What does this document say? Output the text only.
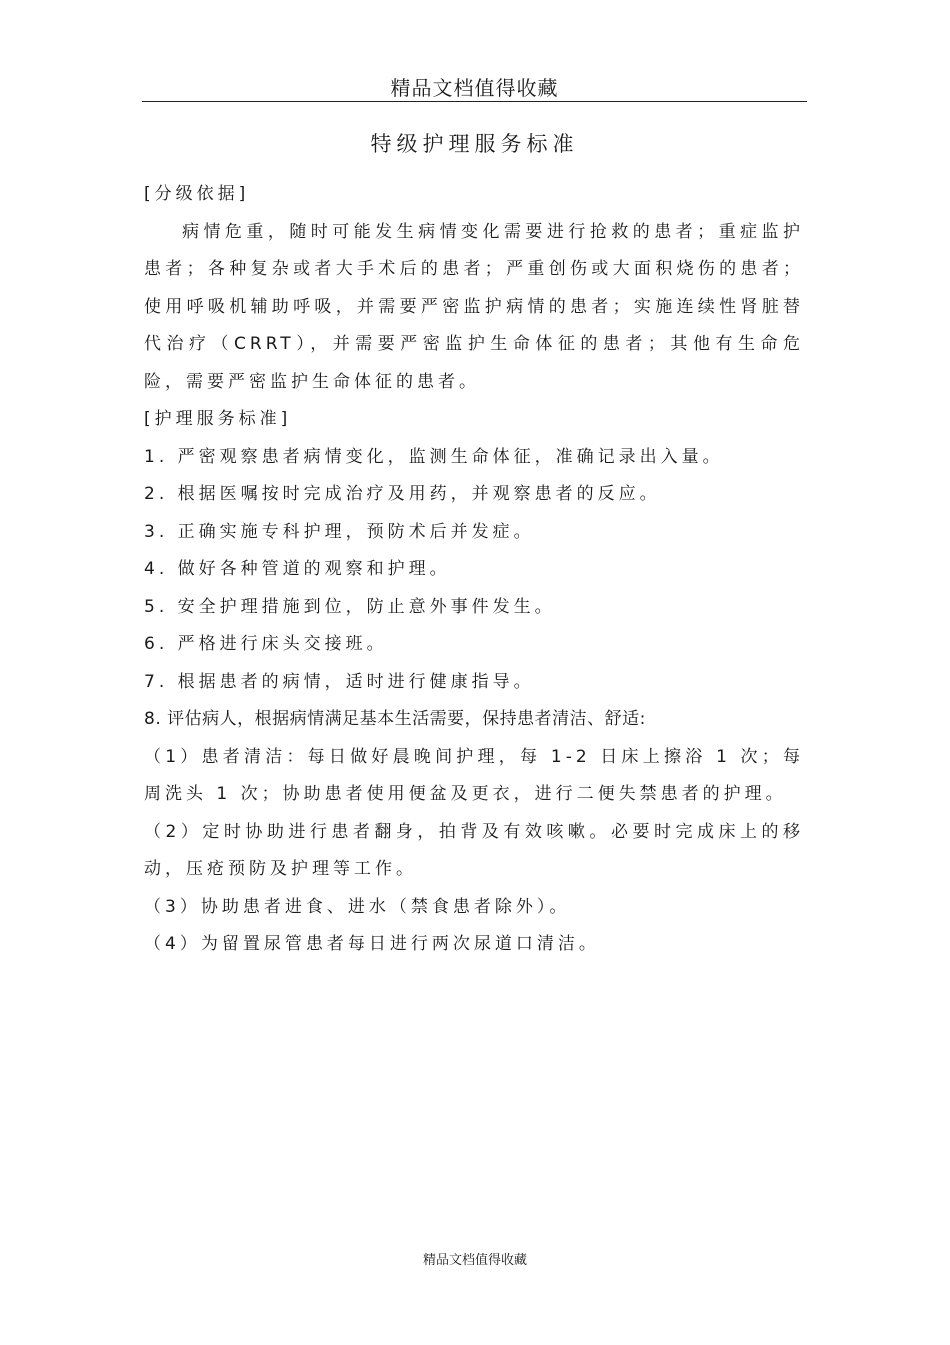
精品文档值得收藏
特级护理服务标准

[分级依据]

病情危重，随时可能发生病情变化需要进行抢救的患者；重症监护患者；各种复杂或者大手术后的患者；严重创伤或大面积烧伤的患者；使用呼吸机辅助呼吸，并需要严密监护病情的患者；实施连续性肾脏替代治疗（CRRT），并需要严密监护生命体征的患者；其他有生命危险，需要严密监护生命体征的患者。

[护理服务标准]

1. 严密观察患者病情变化，监测生命体征，准确记录出入量。

2. 根据医嘱按时完成治疗及用药，并观察患者的反应。

3. 正确实施专科护理，预防术后并发症。

4. 做好各种管道的观察和护理。

5. 安全护理措施到位，防止意外事件发生。

6. 严格进行床头交接班。

7. 根据患者的病情，适时进行健康指导。

8. 评估病人，根据病情满足基本生活需要，保持患者清洁、舒适:

（1）患者清洁：每日做好晨晚间护理，每 1-2 日床上擦浴 1 次；每周洗头 1 次；协助患者使用便盆及更衣，进行二便失禁患者的护理。

（2）定时协助进行患者翻身，拍背及有效咳嗽。必要时完成床上的移动，压疮预防及护理等工作。

（3）协助患者进食、进水（禁食患者除外）。

（4）为留置尿管患者每日进行两次尿道口清洁。

精品文档值得收藏
